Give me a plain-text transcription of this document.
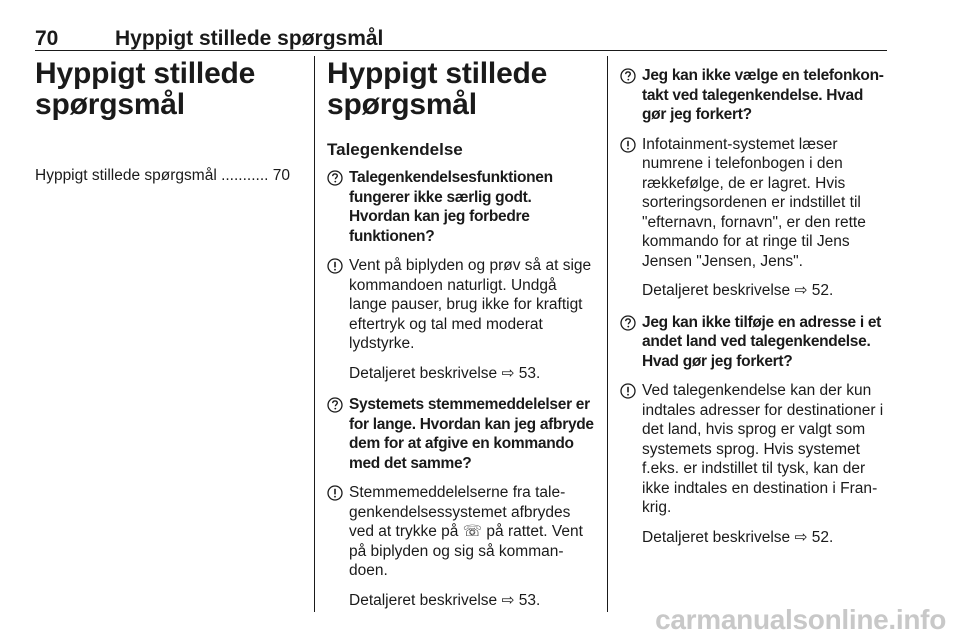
70	Hyppigt stillede spørgsmål
Hyppigt stillede
spørgsmål
Hyppigt stillede spørgsmål ........... 70
Hyppigt stillede
spørgsmål
Talegenkendelse
Talegenkendelsesfunktionen fungerer ikke særlig godt. Hvordan kan jeg forbedre funktionen?
Vent på biplyden og prøv så at sige kommandoen naturligt. Undgå lange pauser, brug ikke for kraftigt eftertryk og tal med moderat lydstyrke.
Detaljeret beskrivelse ⇨ 53.
Systemets stemmemeddelelser er for lange. Hvordan kan jeg afbryde dem for at afgive en kommando med det samme?
Stemmemeddelelserne fra talegenkendelsessystemet afbrydes ved at trykke på ☏ på rattet. Vent på biplyden og sig så kommandoen.
Detaljeret beskrivelse ⇨ 53.
Jeg kan ikke vælge en telefonkontakt ved talegenkendelse. Hvad gør jeg forkert?
Infotainment-systemet læser numrene i telefonbogen i den rækkefølge, de er lagret. Hvis sorteringsordenen er indstillet til "efternavn, fornavn", er den rette kommando for at ringe til Jens Jensen "Jensen, Jens".
Detaljeret beskrivelse ⇨ 52.
Jeg kan ikke tilføje en adresse i et andet land ved talegenkendelse. Hvad gør jeg forkert?
Ved talegenkendelse kan der kun indtales adresser for destinationer i det land, hvis sprog er valgt som systemets sprog. Hvis systemet f.eks. er indstillet til tysk, kan der ikke indtales en destination i Frankrig.
Detaljeret beskrivelse ⇨ 52.
carmanualsonline.info
